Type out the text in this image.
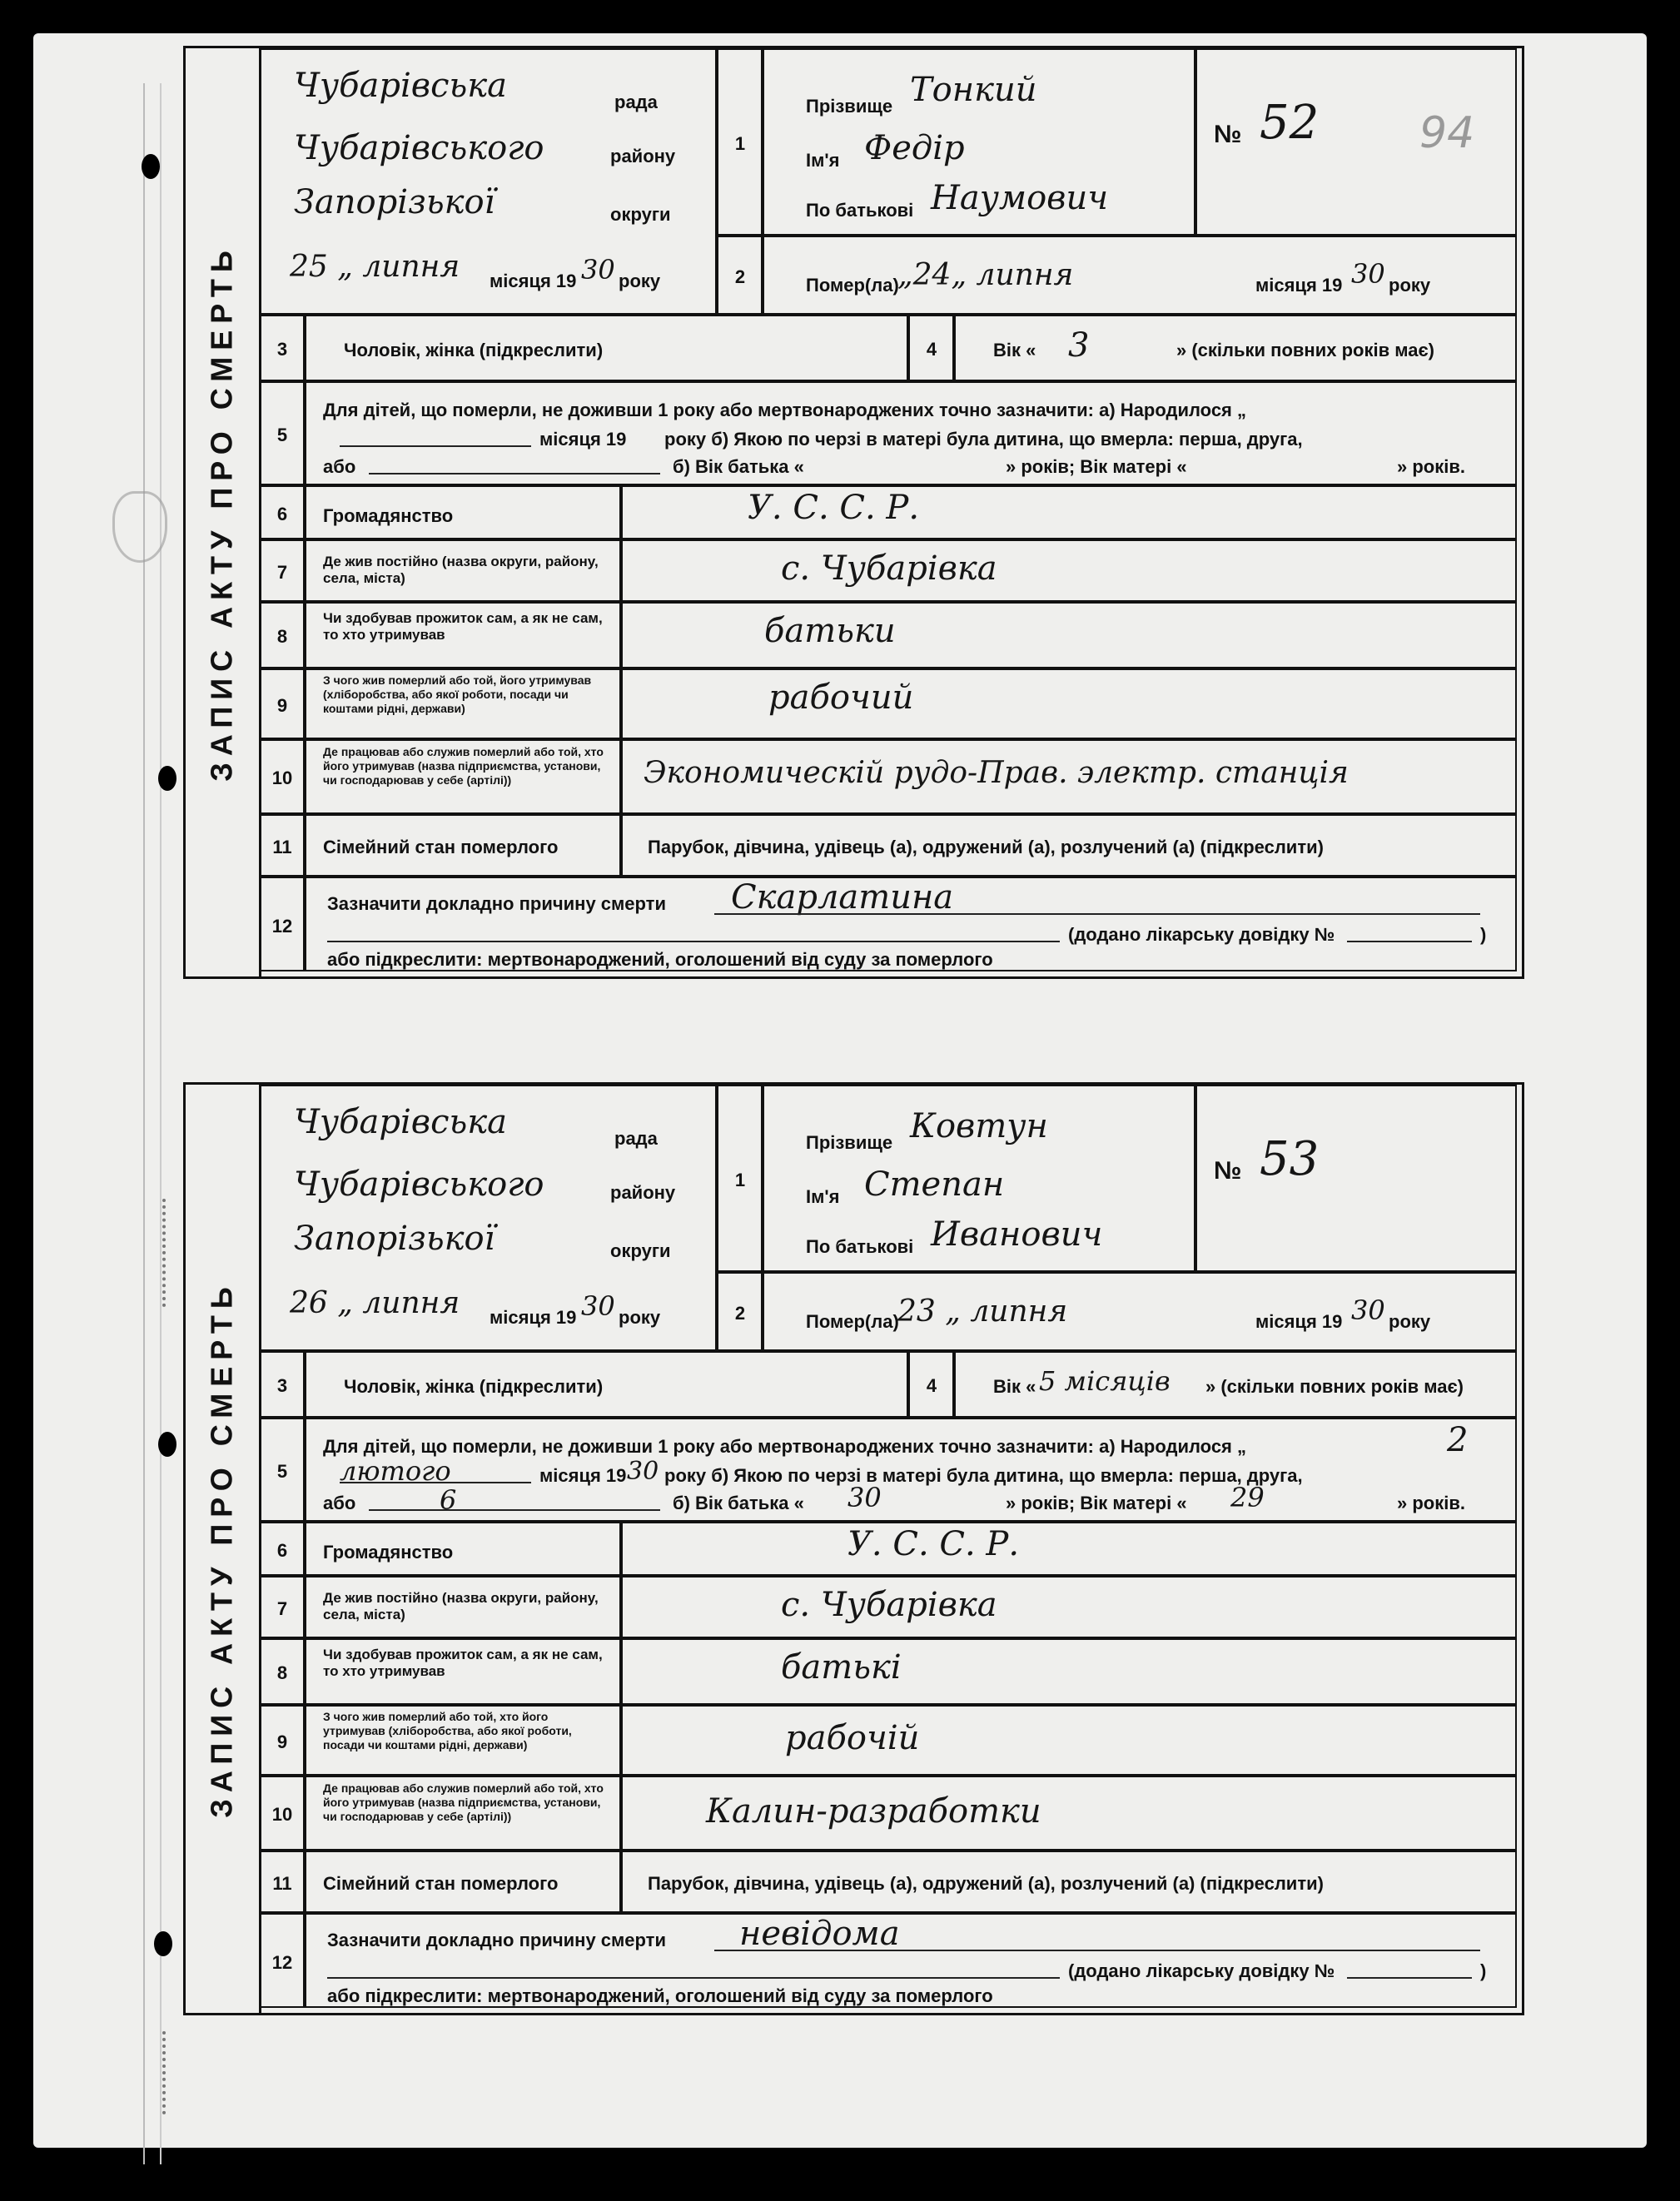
94
ЗАПИС АКТУ ПРО СМЕРТЬ
Чубарівська	рада
Чубарівського	району
Запорізької	округи
25 „ липня місяця 19 30 року
1
Прізвище Тонкий
Ім'я Федір
По батькові Наумович
№ 52
2	Помер(ла)
„24„ липня	місяця 19 30 року
3	Чоловік, жінка (підкреслити)	4	Вік « 3	» (скільки повних років має)
5
Для дітей, що померли, не доживши 1 року або мертвонароджених точно зазначити: а) Народилося „
місяця 19 року б) Якою по черзі в матері була дитина, що вмерла: перша, друга,
або	б) Вік батька «	» років; Вік матері «	» років.
6	Громадянство	У. С. С. Р.
7
Де жив постійно (назва округи, району, села, міста)	с. Чубарівка
8
Чи здобував прожиток сам, а як не сам, то хто утримував	батьки
9
З чого жив померлий або той, його утримував (хліборобства, або якої роботи, посади чи коштами рідні, держави)	рабочий
10
Де працював або служив померлий або той, хто його утримував (назва підприємства, установи, чи господарював у себе (артілі))	Экономическій рудо-Прав. электр. станція
11	Сімейний стан померлого	Парубок, дівчина, удівець (а), одружений (а), розлучений (а) (підкреслити)
12
Зазначити докладно причину смерти Скарлатина
(додано лікарську довідку №	)
або підкреслити: мертвонароджений, оголошений від суду за померлого
ЗАПИС АКТУ ПРО СМЕРТЬ
Чубарівська	рада
Чубарівського	району
Запорізької	округи
26 „ липня місяця 19 30 року
1
Прізвище Ковтун
Ім'я Степан
По батькові Иванович
№ 53
2	Помер(ла)
23 „ липня	місяця 19 30 року
3	Чоловік, жінка (підкреслити)	4	Вік « 5 місяців » (скільки повних років має)
5
Для дітей, що померли, не доживши 1 року або мертвонароджених точно зазначити: а) Народилося „	2
лютого	місяця 19 30 року б) Якою по черзі в матері була дитина, що вмерла: перша, друга,
або	6	б) Вік батька « 30	» років; Вік матері « 29	» років.
6	Громадянство	У. С. С. Р.
7
Де жив постійно (назва округи, району, села, міста)	с. Чубарівка
8
Чи здобував прожиток сам, а як не сам, то хто утримував	батькі
9
З чого жив померлий або той, хто його утримував (хліборобства, або якої роботи, посади чи коштами рідні, держави)	рабочій
10
Де працював або служив померлий або той, хто його утримував (назва підприємства, установи, чи господарював у себе (артілі))	Калин-разработки
11	Сімейний стан померлого	Парубок, дівчина, удівець (а), одружений (а), розлучений (а) (підкреслити)
12
Зазначити докладно причину смерти невідома
(додано лікарську довідку №	)
або підкреслити: мертвонароджений, оголошений від суду за померлого
